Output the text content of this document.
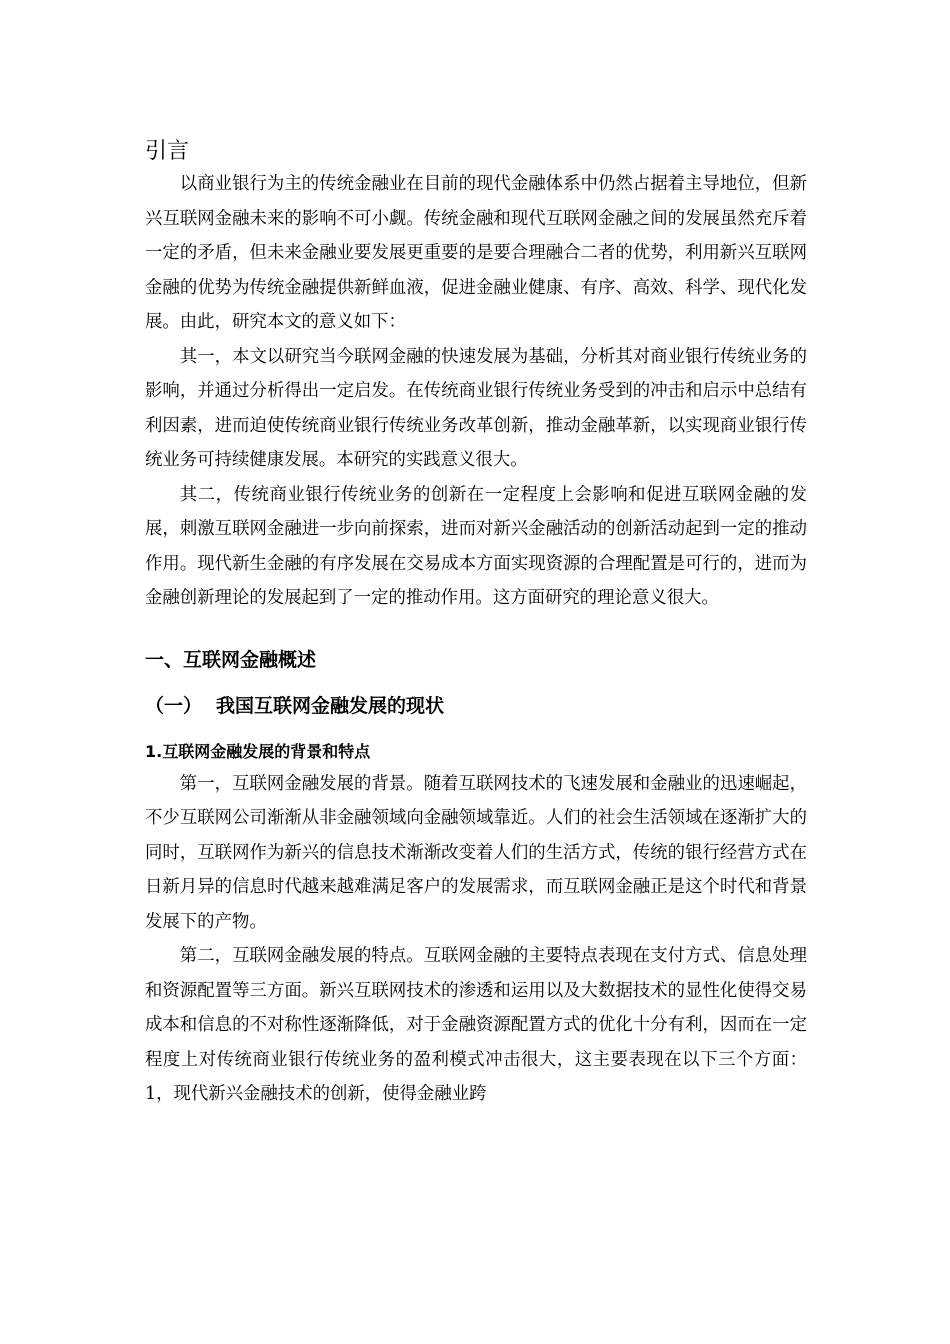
引言

以商业银行为主的传统金融业在目前的现代金融体系中仍然占据着主导地位，但新兴互联网金融未来的影响不可小觑。传统金融和现代互联网金融之间的发展虽然充斥着一定的矛盾，但未来金融业要发展更重要的是要合理融合二者的优势，利用新兴互联网金融的优势为传统金融提供新鲜血液，促进金融业健康、有序、高效、科学、现代化发展。由此，研究本文的意义如下：

其一，本文以研究当今联网金融的快速发展为基础，分析其对商业银行传统业务的影响，并通过分析得出一定启发。在传统商业银行传统业务受到的冲击和启示中总结有利因素，进而迫使传统商业银行传统业务改革创新，推动金融革新，以实现商业银行传统业务可持续健康发展。本研究的实践意义很大。

其二，传统商业银行传统业务的创新在一定程度上会影响和促进互联网金融的发展，刺激互联网金融进一步向前探索，进而对新兴金融活动的创新活动起到一定的推动作用。现代新生金融的有序发展在交易成本方面实现资源的合理配置是可行的，进而为金融创新理论的发展起到了一定的推动作用。这方面研究的理论意义很大。

一、互联网金融概述
（一） 我国互联网金融发展的现状
1.互联网金融发展的背景和特点

第一，互联网金融发展的背景。随着互联网技术的飞速发展和金融业的迅速崛起，不少互联网公司渐渐从非金融领域向金融领域靠近。人们的社会生活领域在逐渐扩大的同时，互联网作为新兴的信息技术渐渐改变着人们的生活方式，传统的银行经营方式在日新月异的信息时代越来越难满足客户的发展需求，而互联网金融正是这个时代和背景发展下的产物。

第二，互联网金融发展的特点。互联网金融的主要特点表现在支付方式、信息处理和资源配置等三方面。新兴互联网技术的渗透和运用以及大数据技术的显性化使得交易成本和信息的不对称性逐渐降低，对于金融资源配置方式的优化十分有利，因而在一定程度上对传统商业银行传统业务的盈利模式冲击很大，这主要表现在以下三个方面：1，现代新兴金融技术的创新，使得金融业跨
